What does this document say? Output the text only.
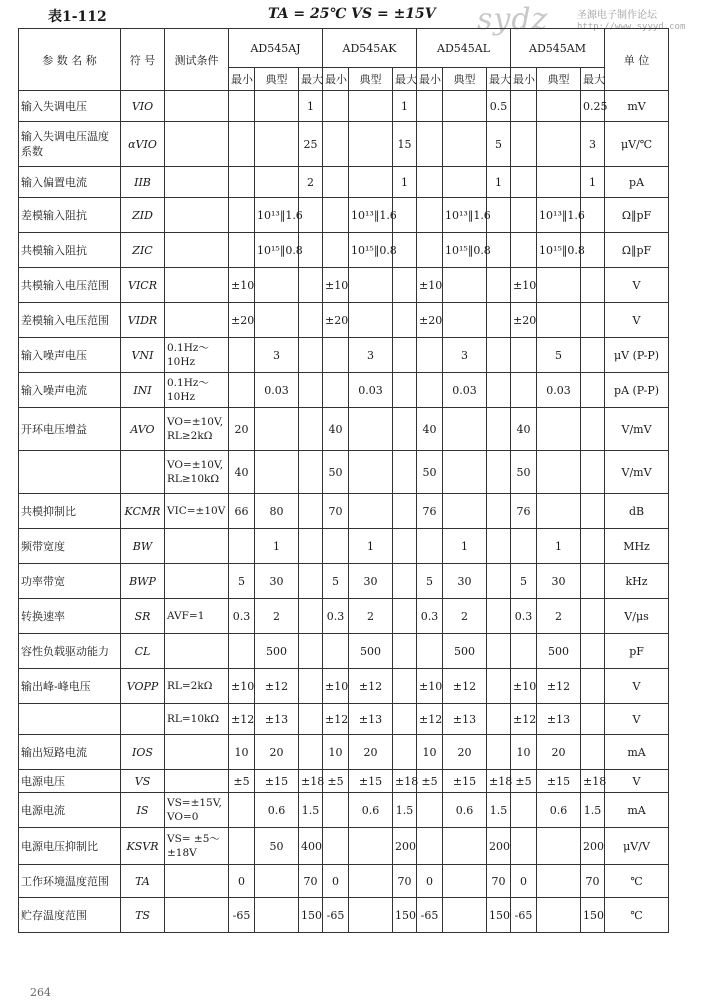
表1-112	TA = 25℃ VS = ±15V sydz	圣源电子制作论坛
http://www.syyyd.com
参 数 名 称	符 号	测试条件	AD545AJ			AD545AK			AD545AL			AD545AM			单 位
			最小	典型	最大	最小	典型	最大	最小	典型	最大	最小	典型	最大	
输入失调电压	VIO				1			1			0.5			0.25	mV
输入失调电压温度系数	αVIO				25			15			5			3	μV/℃
输入偏置电流	IIB				2			1			1			1	pA
差模输入阻抗	ZID			10¹³‖1.6			10¹³‖1.6			10¹³‖1.6			10¹³‖1.6		Ω‖pF
共模输入阻抗	ZIC			10¹⁵‖0.8			10¹⁵‖0.8			10¹⁵‖0.8			10¹⁵‖0.8		Ω‖pF
共模输入电压范围	VICR		±10			±10			±10			±10			V
差模输入电压范围	VIDR		±20			±20			±20			±20			V
输入噪声电压	VNI	0.1Hz～10Hz		3			3			3			5		μV (P-P)
输入噪声电流	INI	0.1Hz～10Hz		0.03			0.03			0.03			0.03		pA (P-P)
开环电压增益	AVO	VO=±10V, RL≥2kΩ	20			40			40			40			V/mV
		VO=±10V, RL≥10kΩ	40			50			50			50			V/mV
共模抑制比	KCMR	VIC=±10V	66	80		70			76			76			dB
频带宽度	BW			1			1			1			1		MHz
功率带宽	BWP		5	30		5	30		5	30		5	30		kHz
转换速率	SR	AVF=1	0.3	2		0.3	2		0.3	2		0.3	2		V/μs
容性负载驱动能力	CL			500			500			500			500		pF
输出峰-峰电压	VOPP	RL=2kΩ	±10	±12		±10	±12		±10	±12		±10	±12		V
		RL=10kΩ	±12	±13		±12	±13		±12	±13		±12	±13		V
输出短路电流	IOS		10	20		10	20		10	20		10	20		mA
电源电压	VS		±5	±15	±18	±5	±15	±18	±5	±15	±18	±5	±15	±18	V
电源电流	IS	VS=±15V, VO=0		0.6	1.5		0.6	1.5		0.6	1.5		0.6	1.5	mA
电源电压抑制比	KSVR	VS= ±5～±18V		50	400			200			200			200	μV/V
工作环境温度范围	TA		0		70	0		70	0		70	0		70	℃
贮存温度范围	TS		-65		150	-65		150	-65		150	-65		150	℃
264
